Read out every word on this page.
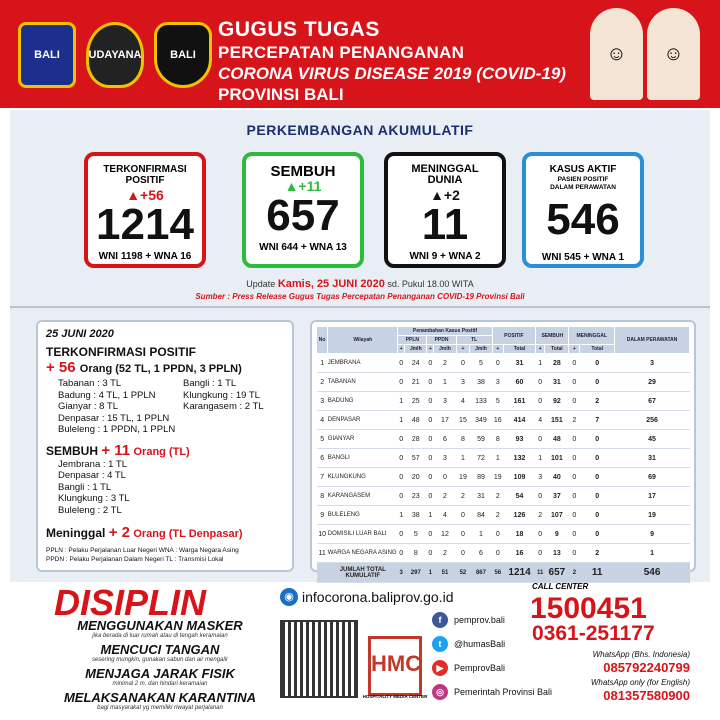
BALI	UDAYANA	BALI
GUGUS TUGAS
PERCEPATAN PENANGANAN
CORONA VIRUS DISEASE 2019 (COVID-19)
PROVINSI BALI
☺	☺
PERKEMBANGAN AKUMULATIF
TERKONFIRMASI
POSITIF
▲+56
1214
WNI 1198 + WNA 16
SEMBUH
▲+11
657
WNI 644 + WNA 13
MENINGGAL
DUNIA
▲+2
11
WNI 9 + WNA 2
KASUS AKTIF
PASIEN POSITIF
DALAM PERAWATAN
546
WNI 545 + WNA 1
Update Kamis, 25 JUNI 2020 sd. Pukul 18.00 WITA
Sumber : Press Release Gugus Tugas Percepatan Penanganan COVID-19 Provinsi Bali
25 JUNI 2020
TERKONFIRMASI POSITIF
+ 56 Orang (52 TL, 1 PPDN, 3 PPLN)
Tabanan : 3 TL	Bangli : 1 TL
Badung : 4 TL, 1 PPLN	Klungkung : 19 TL
Gianyar : 8 TL	Karangasem : 2 TL
Denpasar : 15 TL, 1 PPLN
Buleleng : 1 PPDN, 1 PPLN
SEMBUH + 11 Orang (TL)
Jembrana : 1 TL
Denpasar : 4 TL
Bangli : 1 TL
Klungkung : 3 TL
Buleleng : 2 TL
Meninggal + 2 Orang (TL Denpasar)
PPLN : Pelaku Perjalanan Luar Negeri WNA : Warga Negara Asing
PPDN : Pelaku Perjalanan Dalam Negeri TL : Transmisi Lokal
No	Wilayah	Penambahan Kasus Positif						POSITIF		SEMBUH		MENINGGAL		DALAM PERAWATAN
		PPLN		PPDN		TL								
		+	Jmlh	+	Jmlh	+	Jmlh	+	Total	+	Total	+	Total	
1	JEMBRANA	0	24	0	2	0	5	0	31	1	28	0	0	3
2	TABANAN	0	21	0	1	3	38	3	60	0	31	0	0	29
3	BADUNG	1	25	0	3	4	133	5	161	0	92	0	2	67
4	DENPASAR	1	48	0	17	15	349	16	414	4	151	2	7	256
5	GIANYAR	0	28	0	6	8	59	8	93	0	48	0	0	45
6	BANGLI	0	57	0	3	1	72	1	132	1	101	0	0	31
7	KLUNGKUNG	0	20	0	0	19	89	19	109	3	40	0	0	69
8	KARANGASEM	0	23	0	2	2	31	2	54	0	37	0	0	17
9	BULELENG	1	38	1	4	0	84	2	126	2	107	0	0	19
10	DOMISILI LUAR BALI	0	5	0	12	0	1	0	18	0	9	0	0	9
11	WARGA NEGARA ASING	0	8	0	2	0	6	0	16	0	13	0	2	1
	JUMLAH TOTAL KUMULATIF	3	297	1	51	52	867	56	1214	11	657	2	11	546
DISIPLIN
MENGGUNAKAN MASKER
jika berada di luar rumah atau di tengah keramaian
MENCUCI TANGAN
sesering mungkin, gunakan sabun dan air mengalir
MENJAGA JARAK FISIK
minimal 2 m, dan hindari keramaian
MELAKSANAKAN KARANTINA
bagi masyarakat yg memiliki riwayat perjalanan
◉ infocorona.baliprov.go.id
HMC
HOSPITALITY MEDIA CENTER
f	pemprov.bali
t	@humasBali
▶	PemprovBali
◎	Pemerintah Provinsi Bali
CALL CENTER
1500451
0361-251177
WhatsApp (Bhs. Indonesia)
085792240799
WhatsApp only (for English)
081357580900
